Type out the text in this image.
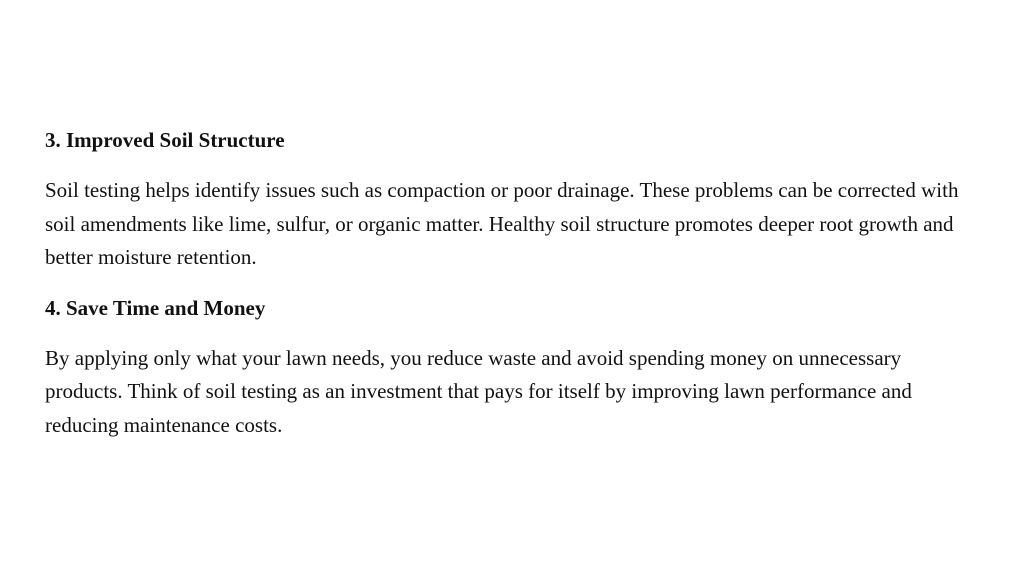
3. Improved Soil Structure
Soil testing helps identify issues such as compaction or poor drainage. These problems can be corrected with soil amendments like lime, sulfur, or organic matter. Healthy soil structure promotes deeper root growth and better moisture retention.
4. Save Time and Money
By applying only what your lawn needs, you reduce waste and avoid spending money on unnecessary products. Think of soil testing as an investment that pays for itself by improving lawn performance and reducing maintenance costs.
